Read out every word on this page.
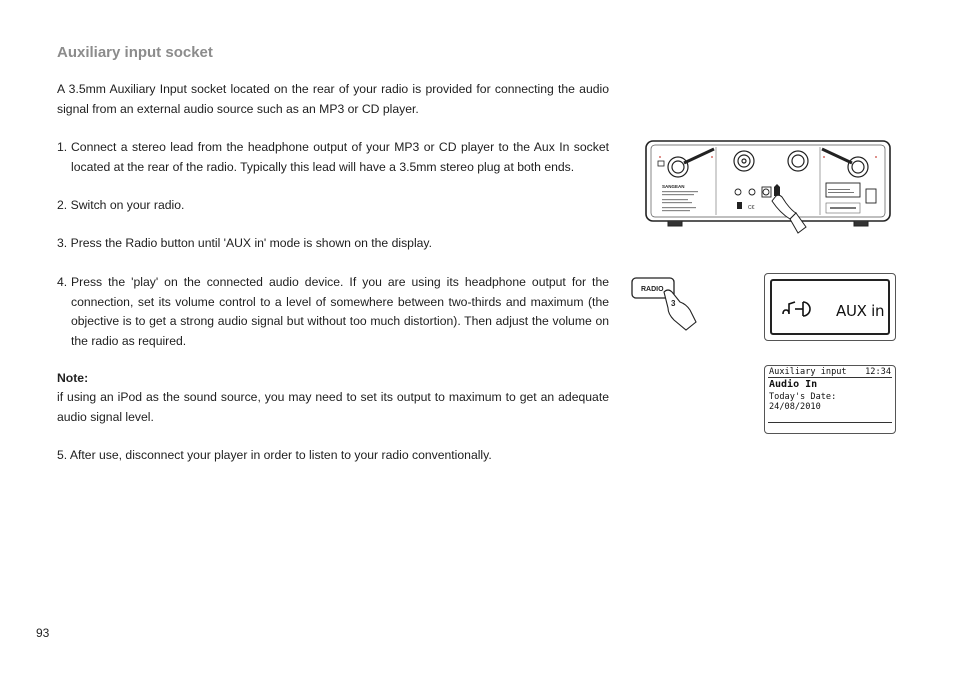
Auxiliary input socket
A 3.5mm Auxiliary Input socket located on the rear of your radio is provided for connecting the audio signal from an external audio source such as an MP3 or CD player.
1. Connect a stereo lead from the headphone output of your MP3 or CD player to the Aux In socket located at the rear of the radio. Typically this lead will have a 3.5mm stereo plug at both ends.
2. Switch on your radio.
3. Press the Radio button until 'AUX in' mode is shown on the display.
4. Press the 'play' on the connected audio device. If you are using its headphone output for the connection, set its volume control to a level of somewhere between two-thirds and maximum (the objective is to get a strong audio signal but without too much distortion). Then adjust the volume on the radio as required.
Note:
if using an iPod as the sound source, you may need to set its output to maximum to get an adequate audio signal level.
5. After use, disconnect your player in order to listen to your radio conventionally.
93
SANGEAN
C€
RADIO
3	AUX in
Auxiliary input 12:34
Audio In
Today's Date:
24/08/2010
